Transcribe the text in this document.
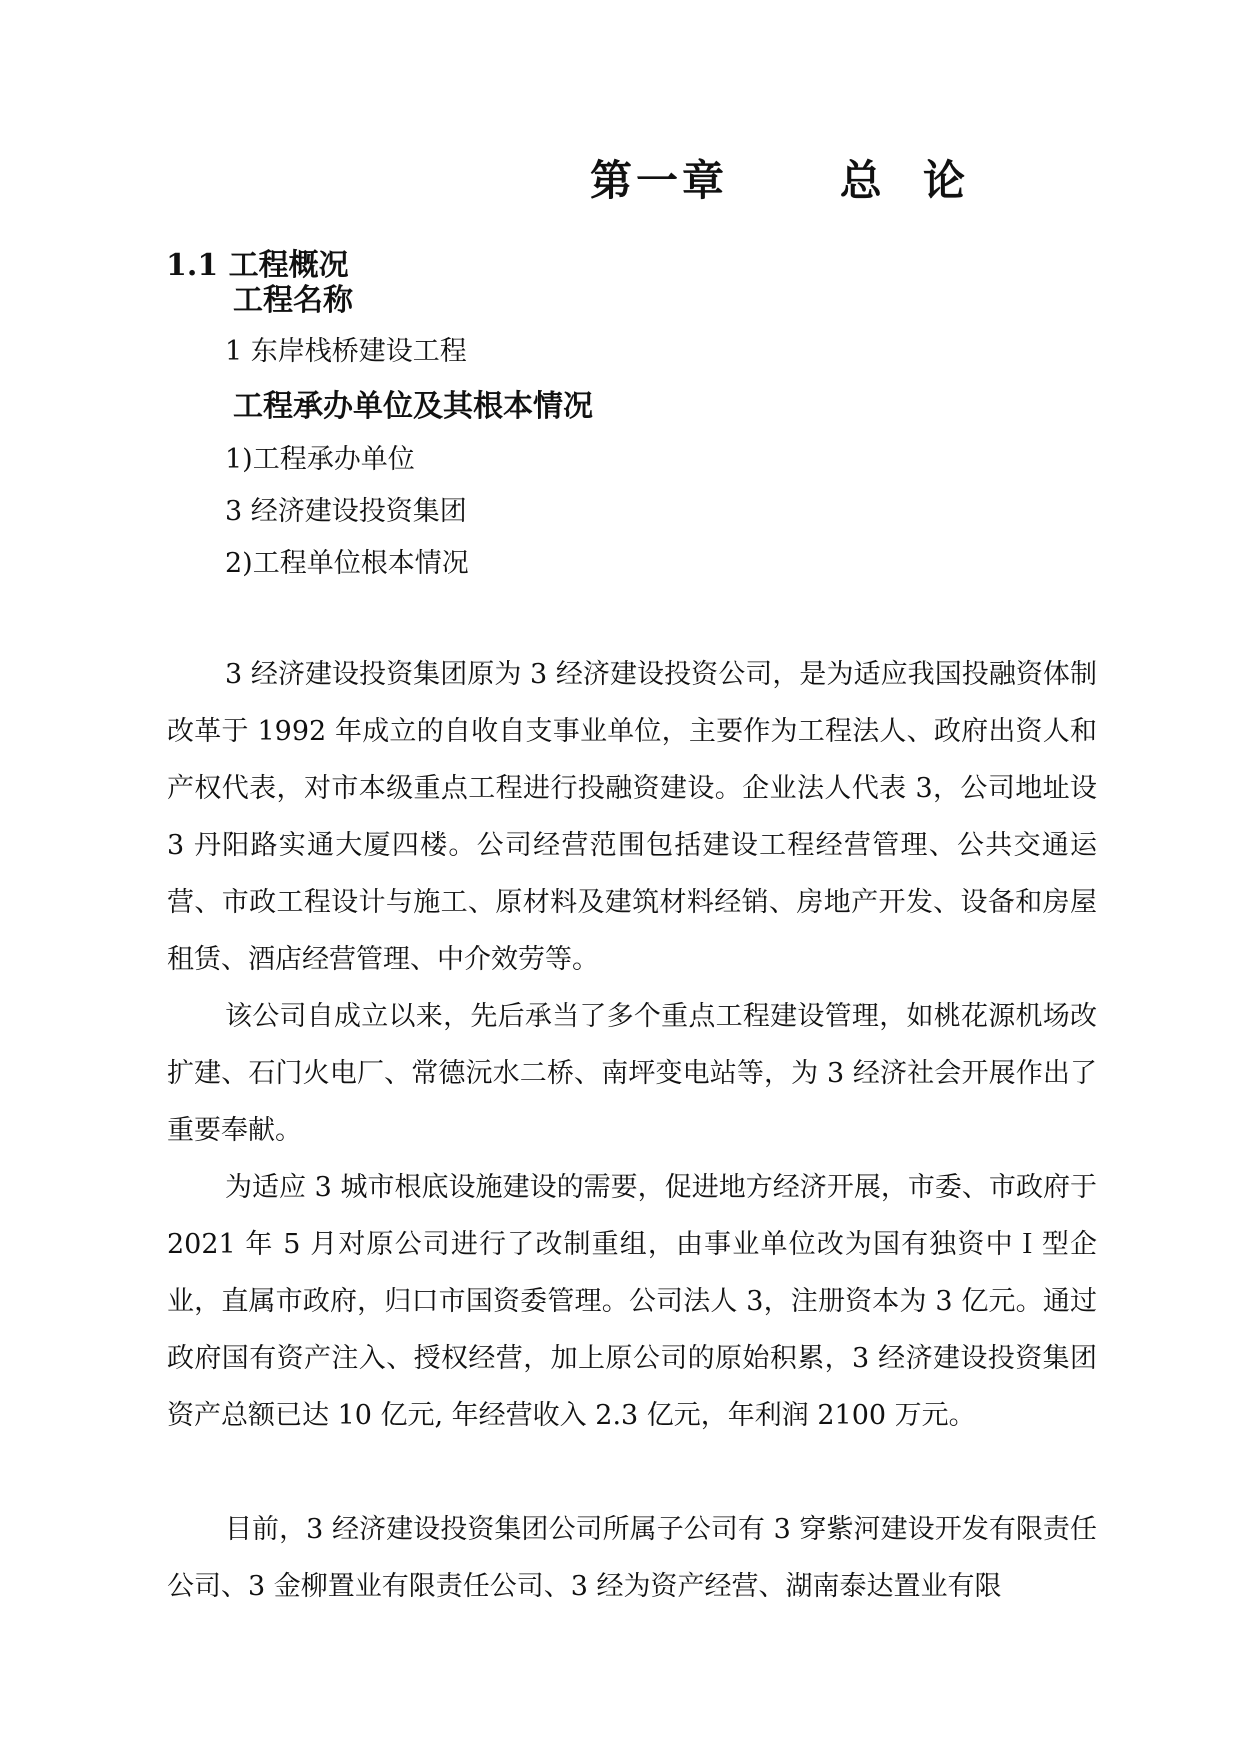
第一章      总  论
1.1 工程概况
工程名称
1 东岸栈桥建设工程
工程承办单位及其根本情况
1)工程承办单位
3 经济建设投资集团
2)工程单位根本情况
3 经济建设投资集团原为 3 经济建设投资公司，是为适应我国投融资体制改革于 1992 年成立的自收自支事业单位，主要作为工程法人、政府出资人和产权代表，对市本级重点工程进行投融资建设。企业法人代表 3，公司地址设 3 丹阳路实通大厦四楼。公司经营范围包括建设工程经营管理、公共交通运营、市政工程设计与施工、原材料及建筑材料经销、房地产开发、设备和房屋租赁、酒店经营管理、中介效劳等。
该公司自成立以来，先后承当了多个重点工程建设管理，如桃花源机场改扩建、石门火电厂、常德沅水二桥、南坪变电站等，为 3 经济社会开展作出了重要奉献。
为适应 3 城市根底设施建设的需要，促进地方经济开展，市委、市政府于 2021 年 5 月对原公司进行了改制重组，由事业单位改为国有独资中Ｉ型企业，直属市政府，归口市国资委管理。公司法人 3，注册资本为 3 亿元。通过政府国有资产注入、授权经营，加上原公司的原始积累，3 经济建设投资集团资产总额已达 10 亿元, 年经营收入 2.3 亿元，年利润 2100 万元。
目前，3 经济建设投资集团公司所属子公司有 3 穿紫河建设开发有限责任公司、3 金柳置业有限责任公司、3 经为资产经营、湖南泰达置业有限
